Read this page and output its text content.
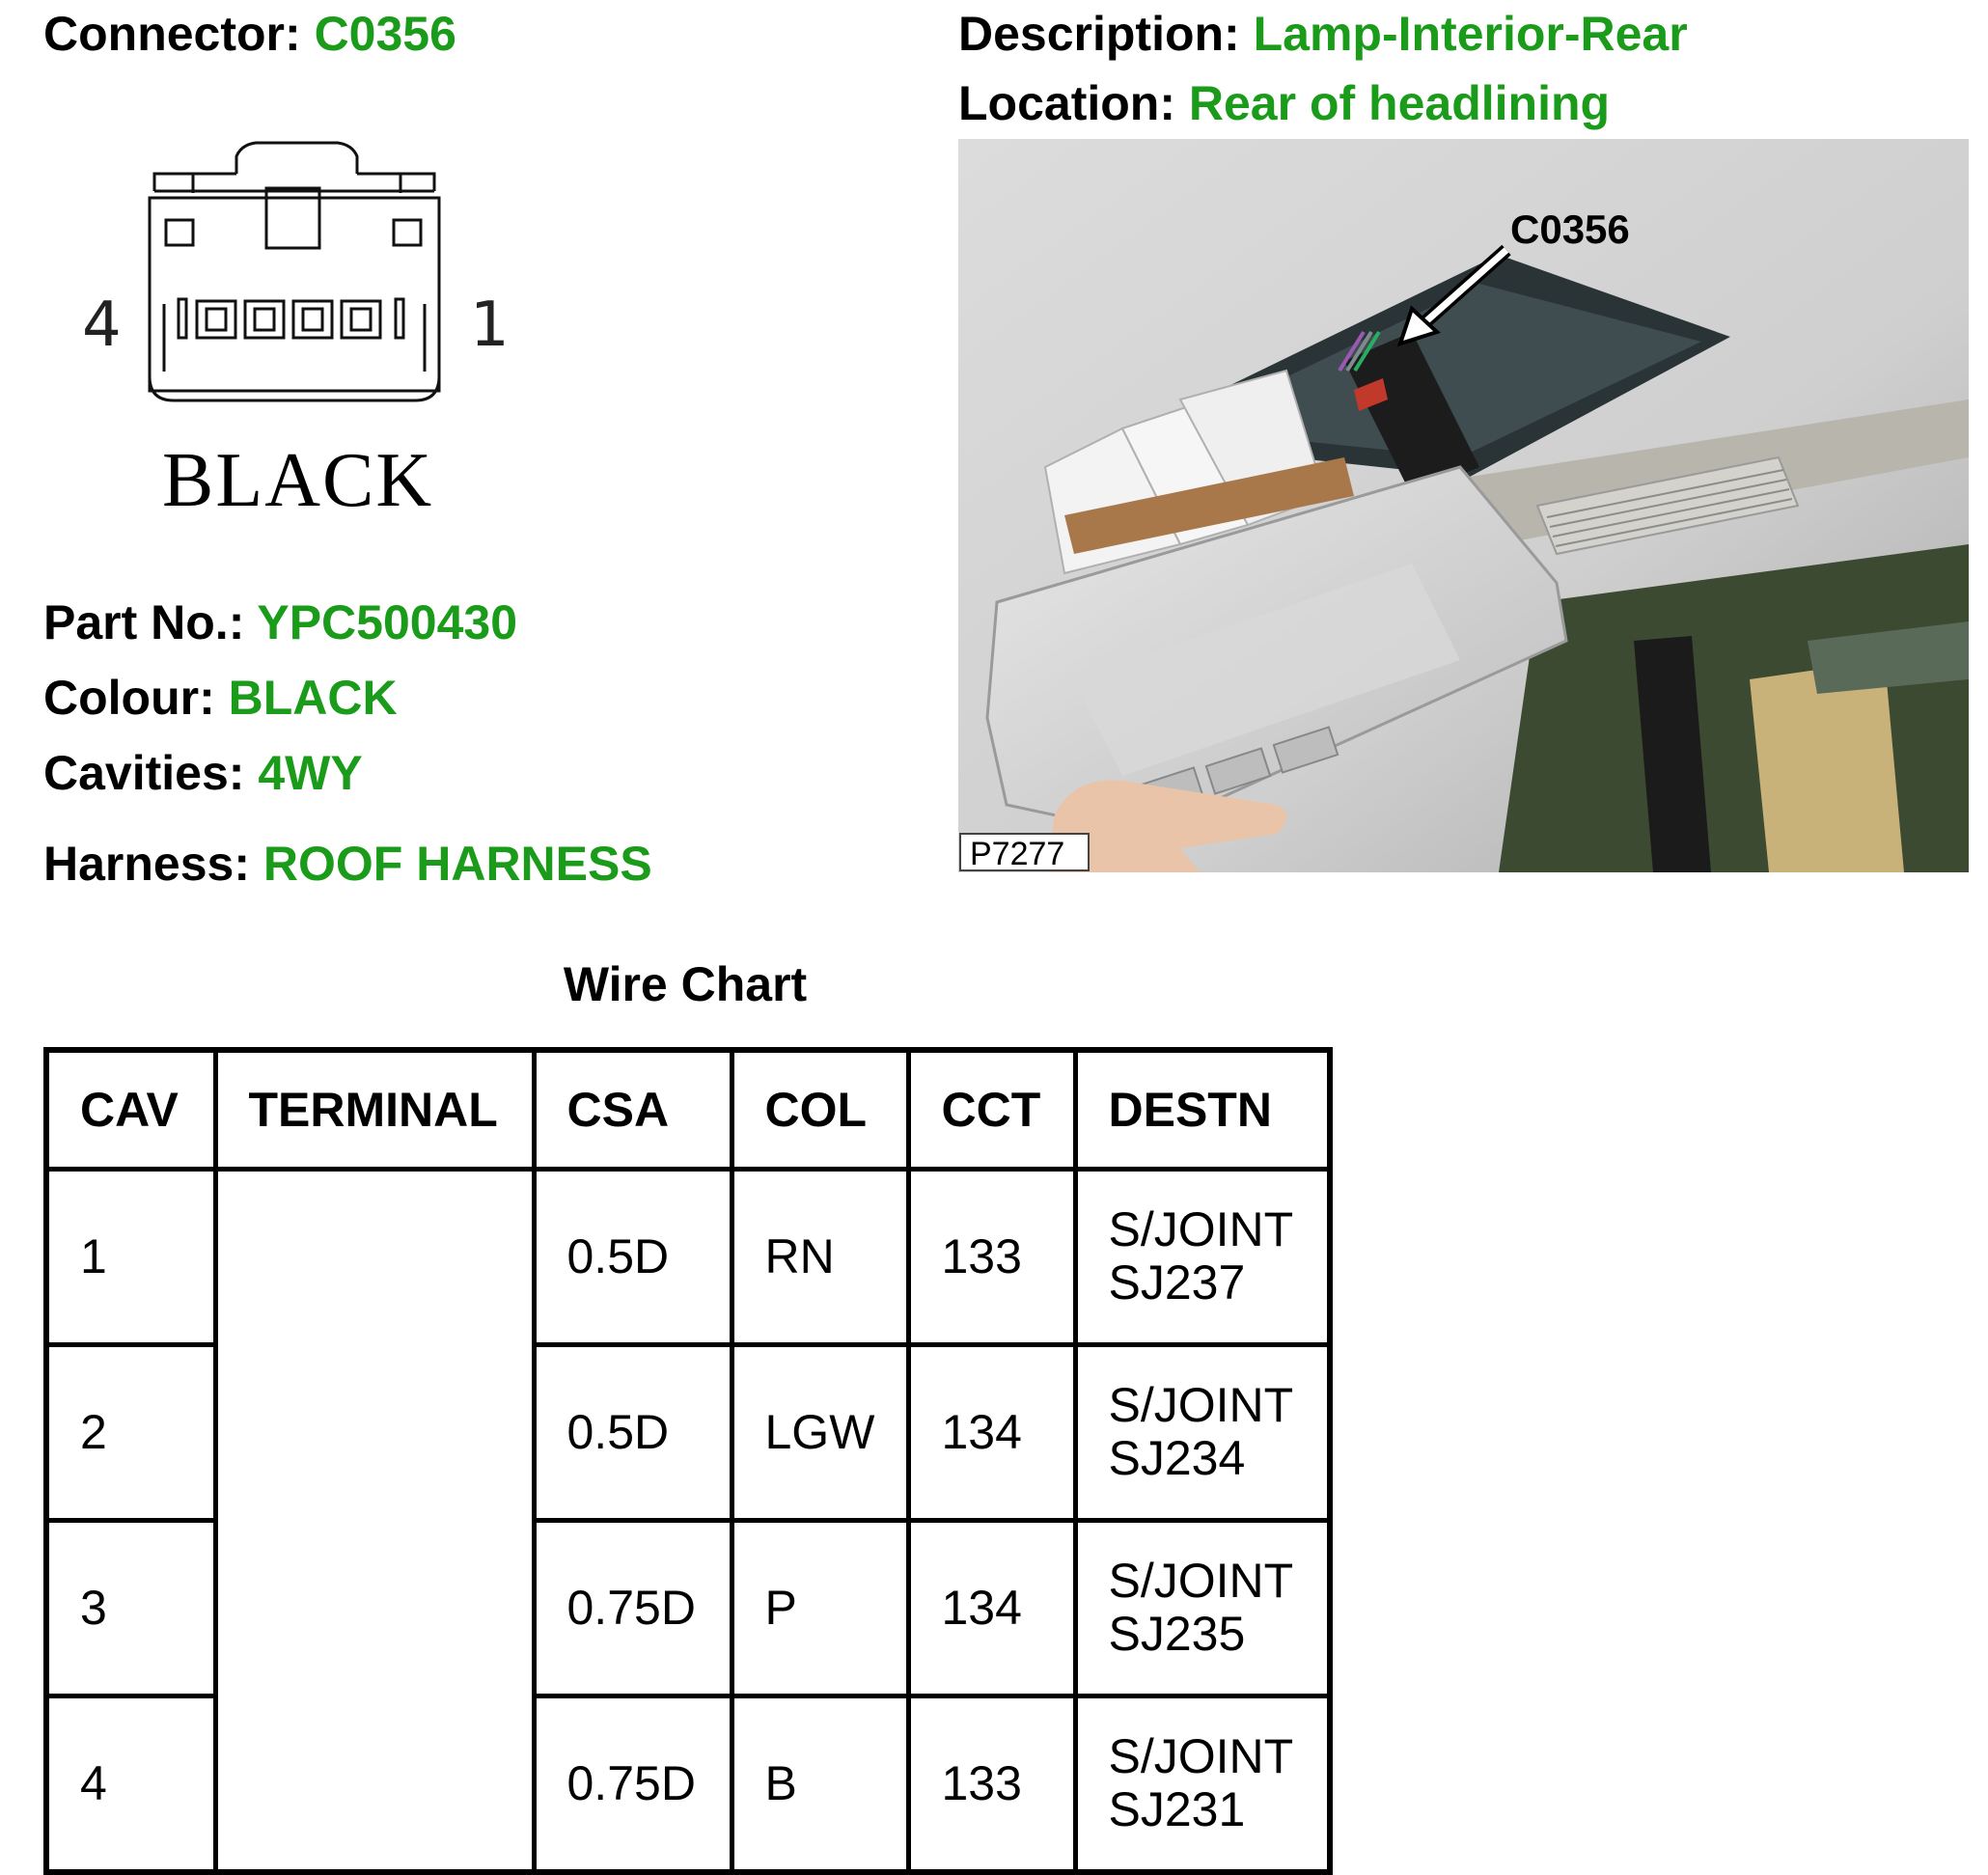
Connector: C0356	Description: Lamp-Interior-Rear
Location: Rear of headlining
4	1
BLACK
Part No.: YPC500430
Colour: BLACK
Cavities: 4WY
Harness: ROOF HARNESS
C0356
P7277
Wire Chart
CAV	TERMINAL	CSA	COL	CCT	DESTN
1		0.5D	RN	133	S/JOINT
SJ237
2		0.5D	LGW	134	S/JOINT
SJ234
3		0.75D	P	134	S/JOINT
SJ235
4		0.75D	B	133	S/JOINT
SJ231
